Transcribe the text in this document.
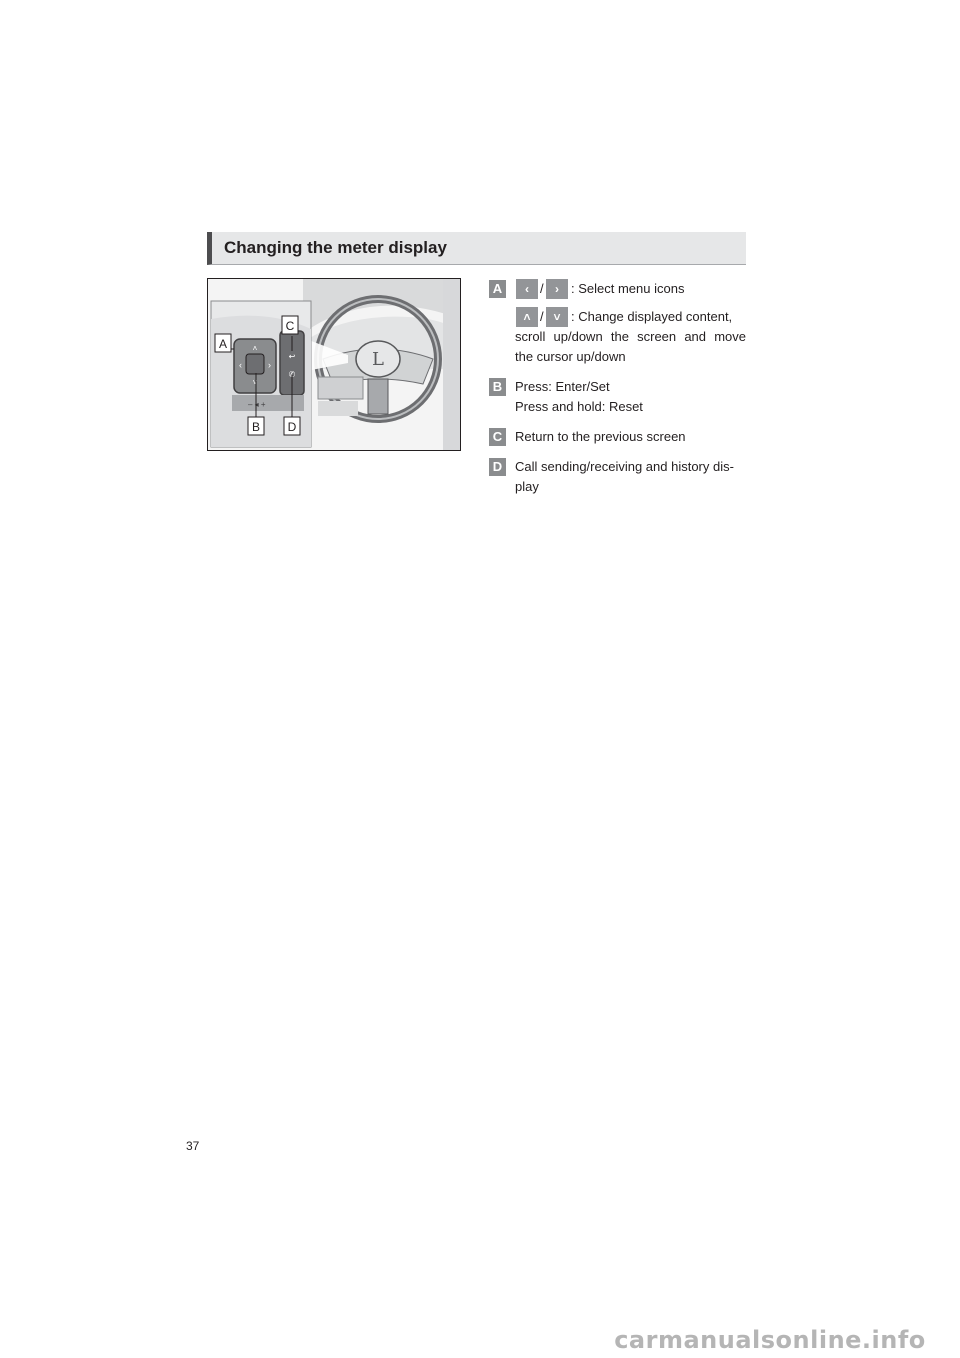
Changing the meter display
L
˄
˅
‹	›
↩
✆
– ◂ +
A
B
C
D
A	‹ / › : Select menu icons
˄ / ˅ : Change displayed content,
scroll up/down the screen and move
the cursor up/down
B Press: Enter/Set
Press and hold: Reset
C Return to the previous screen
D Call sending/receiving and history dis-
play
37
carmanualsonline.info
